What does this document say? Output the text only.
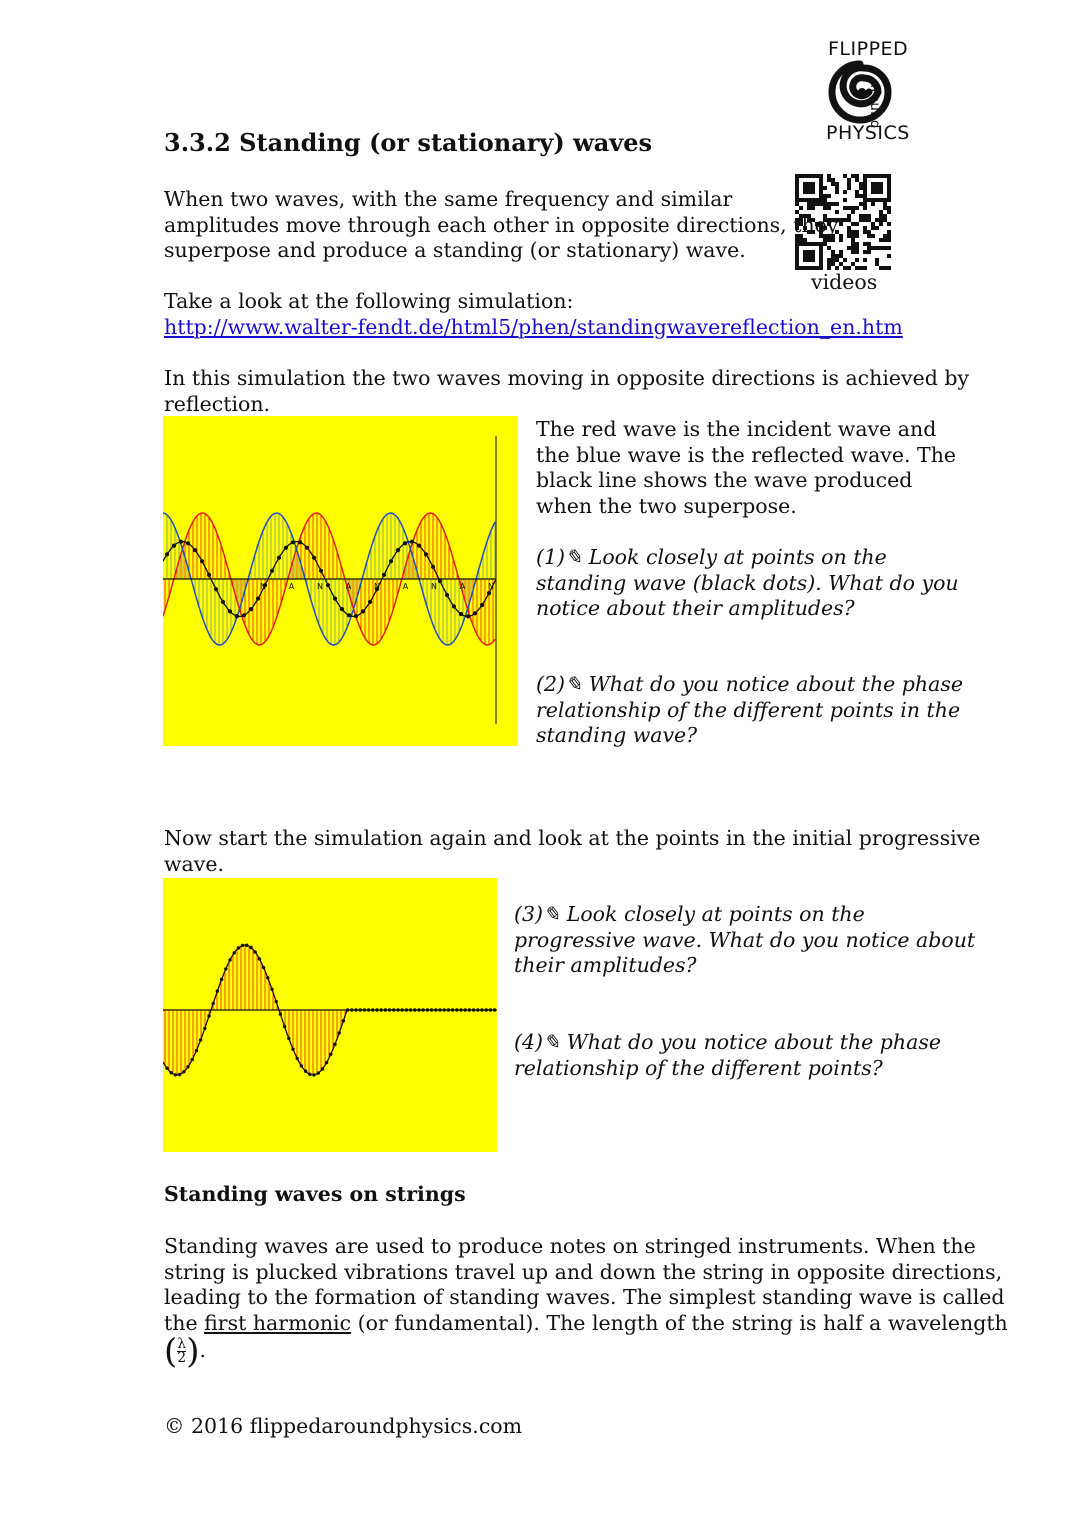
FLIPPED
around
PHYSICS
videos
3.3.2 Standing (or stationary) waves

When two waves, with the same frequency and similar

amplitudes move through each other in opposite directions, they

superpose and produce a standing (or stationary) wave.

Take a look at the following simulation:

http://www.walter-fendt.de/html5/phen/standingwavereflection_en.htm

In this simulation the two waves moving in opposite directions is achieved by

reflection.

N	A	N	A	N	A	N	A	N

The red wave is the incident wave and

the blue wave is the reflected wave. The

black line shows the wave produced

when the two superpose.

(1)✎ Look closely at points on the

standing wave (black dots). What do you

notice about their amplitudes?

(2)✎ What do you notice about the phase

relationship of the different points in the

standing wave?

Now start the simulation again and look at the points in the initial progressive

wave.

(3)✎ Look closely at points on the

progressive wave. What do you notice about

their amplitudes?

(4)✎ What do you notice about the phase

relationship of the different points?

Standing waves on strings

Standing waves are used to produce notes on stringed instruments. When the

string is plucked vibrations travel up and down the string in opposite directions,

leading to the formation of standing waves. The simplest standing wave is called

the first harmonic (or fundamental). The length of the string is half a wavelength

($\frac{\lambda}{2}$ ).

© 2016 flippedaroundphysics.com
